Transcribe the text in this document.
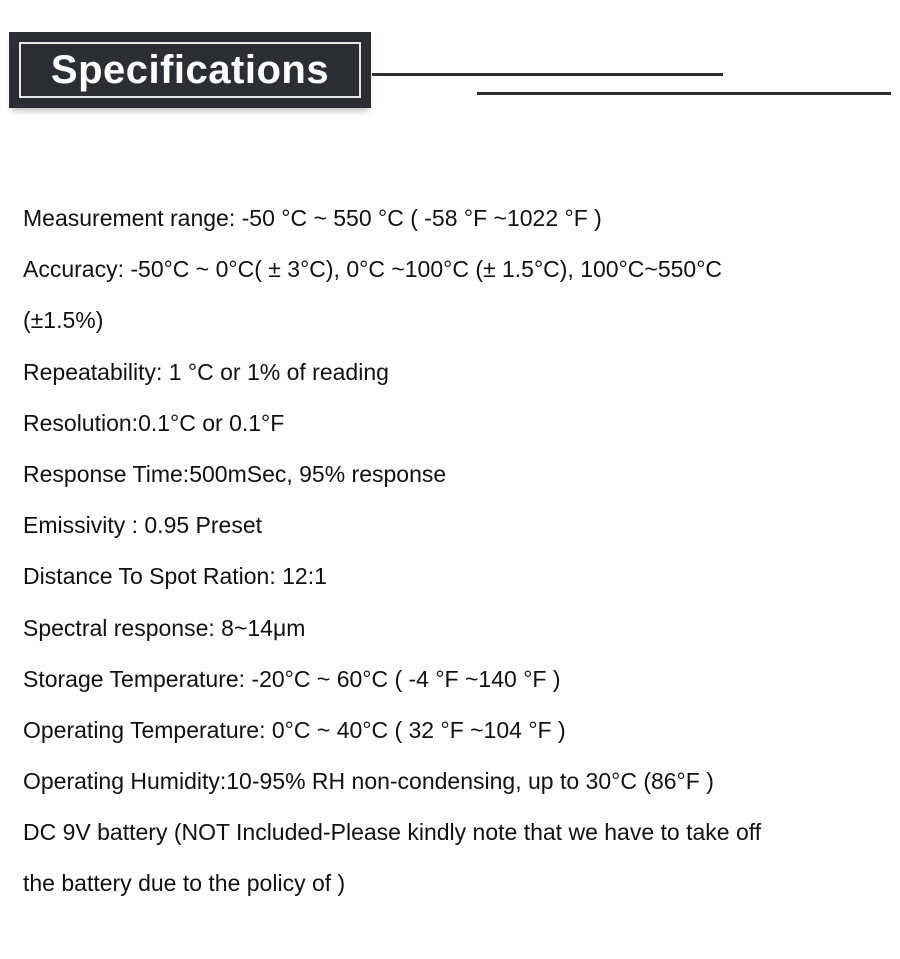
Specifications
Measurement range: -50 °C ~ 550 °C ( -58 °F ~1022 °F )
Accuracy: -50°C ~ 0°C( ± 3°C), 0°C ~100°C (± 1.5°C), 100°C~550°C
(±1.5%)
Repeatability: 1 °C or 1% of reading
Resolution:0.1°C or 0.1°F
Response Time:500mSec, 95% response
Emissivity : 0.95 Preset
Distance To Spot Ration: 12:1
Spectral response: 8~14μm
Storage Temperature: -20°C ~ 60°C ( -4 °F ~140 °F )
Operating Temperature: 0°C ~ 40°C ( 32 °F ~104 °F )
Operating Humidity:10-95% RH non-condensing, up to 30°C (86°F )
DC 9V battery (NOT Included-Please kindly note that we have to take off
the battery due to the policy of )
